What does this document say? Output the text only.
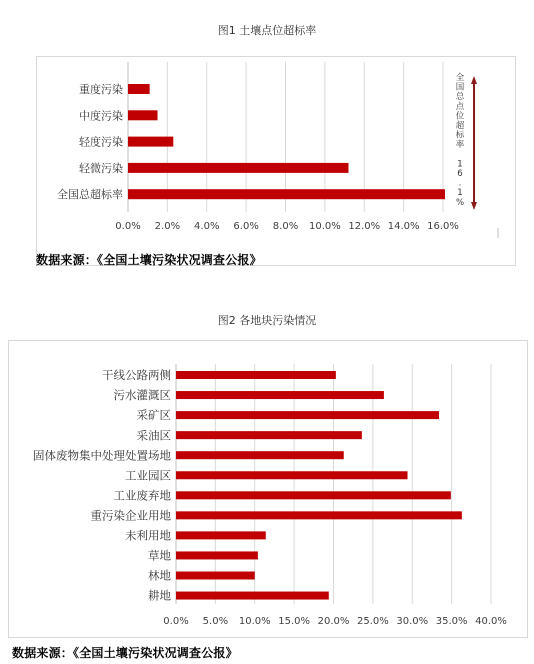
图1 土壤点位超标率
0.0% 2.0% 4.0% 6.0% 8.0% 10.0% 12.0% 14.0% 16.0%
重度污染
中度污染
轻度污染
轻微污染
全国总超标率
全
国
总
点
位
超
标
率
1
6
.
1
%
数据来源：《全国土壤污染状况调查公报》
图2 各地块污染情况
0.0% 5.0% 10.0% 15.0% 20.0% 25.0% 30.0% 35.0% 40.0%
干线公路两侧
污水灌溉区
采矿区
采油区
固体废物集中处理处置场地
工业园区
工业废弃地
重污染企业用地
未利用地
草地
林地
耕地
数据来源：《全国土壤污染状况调查公报》
